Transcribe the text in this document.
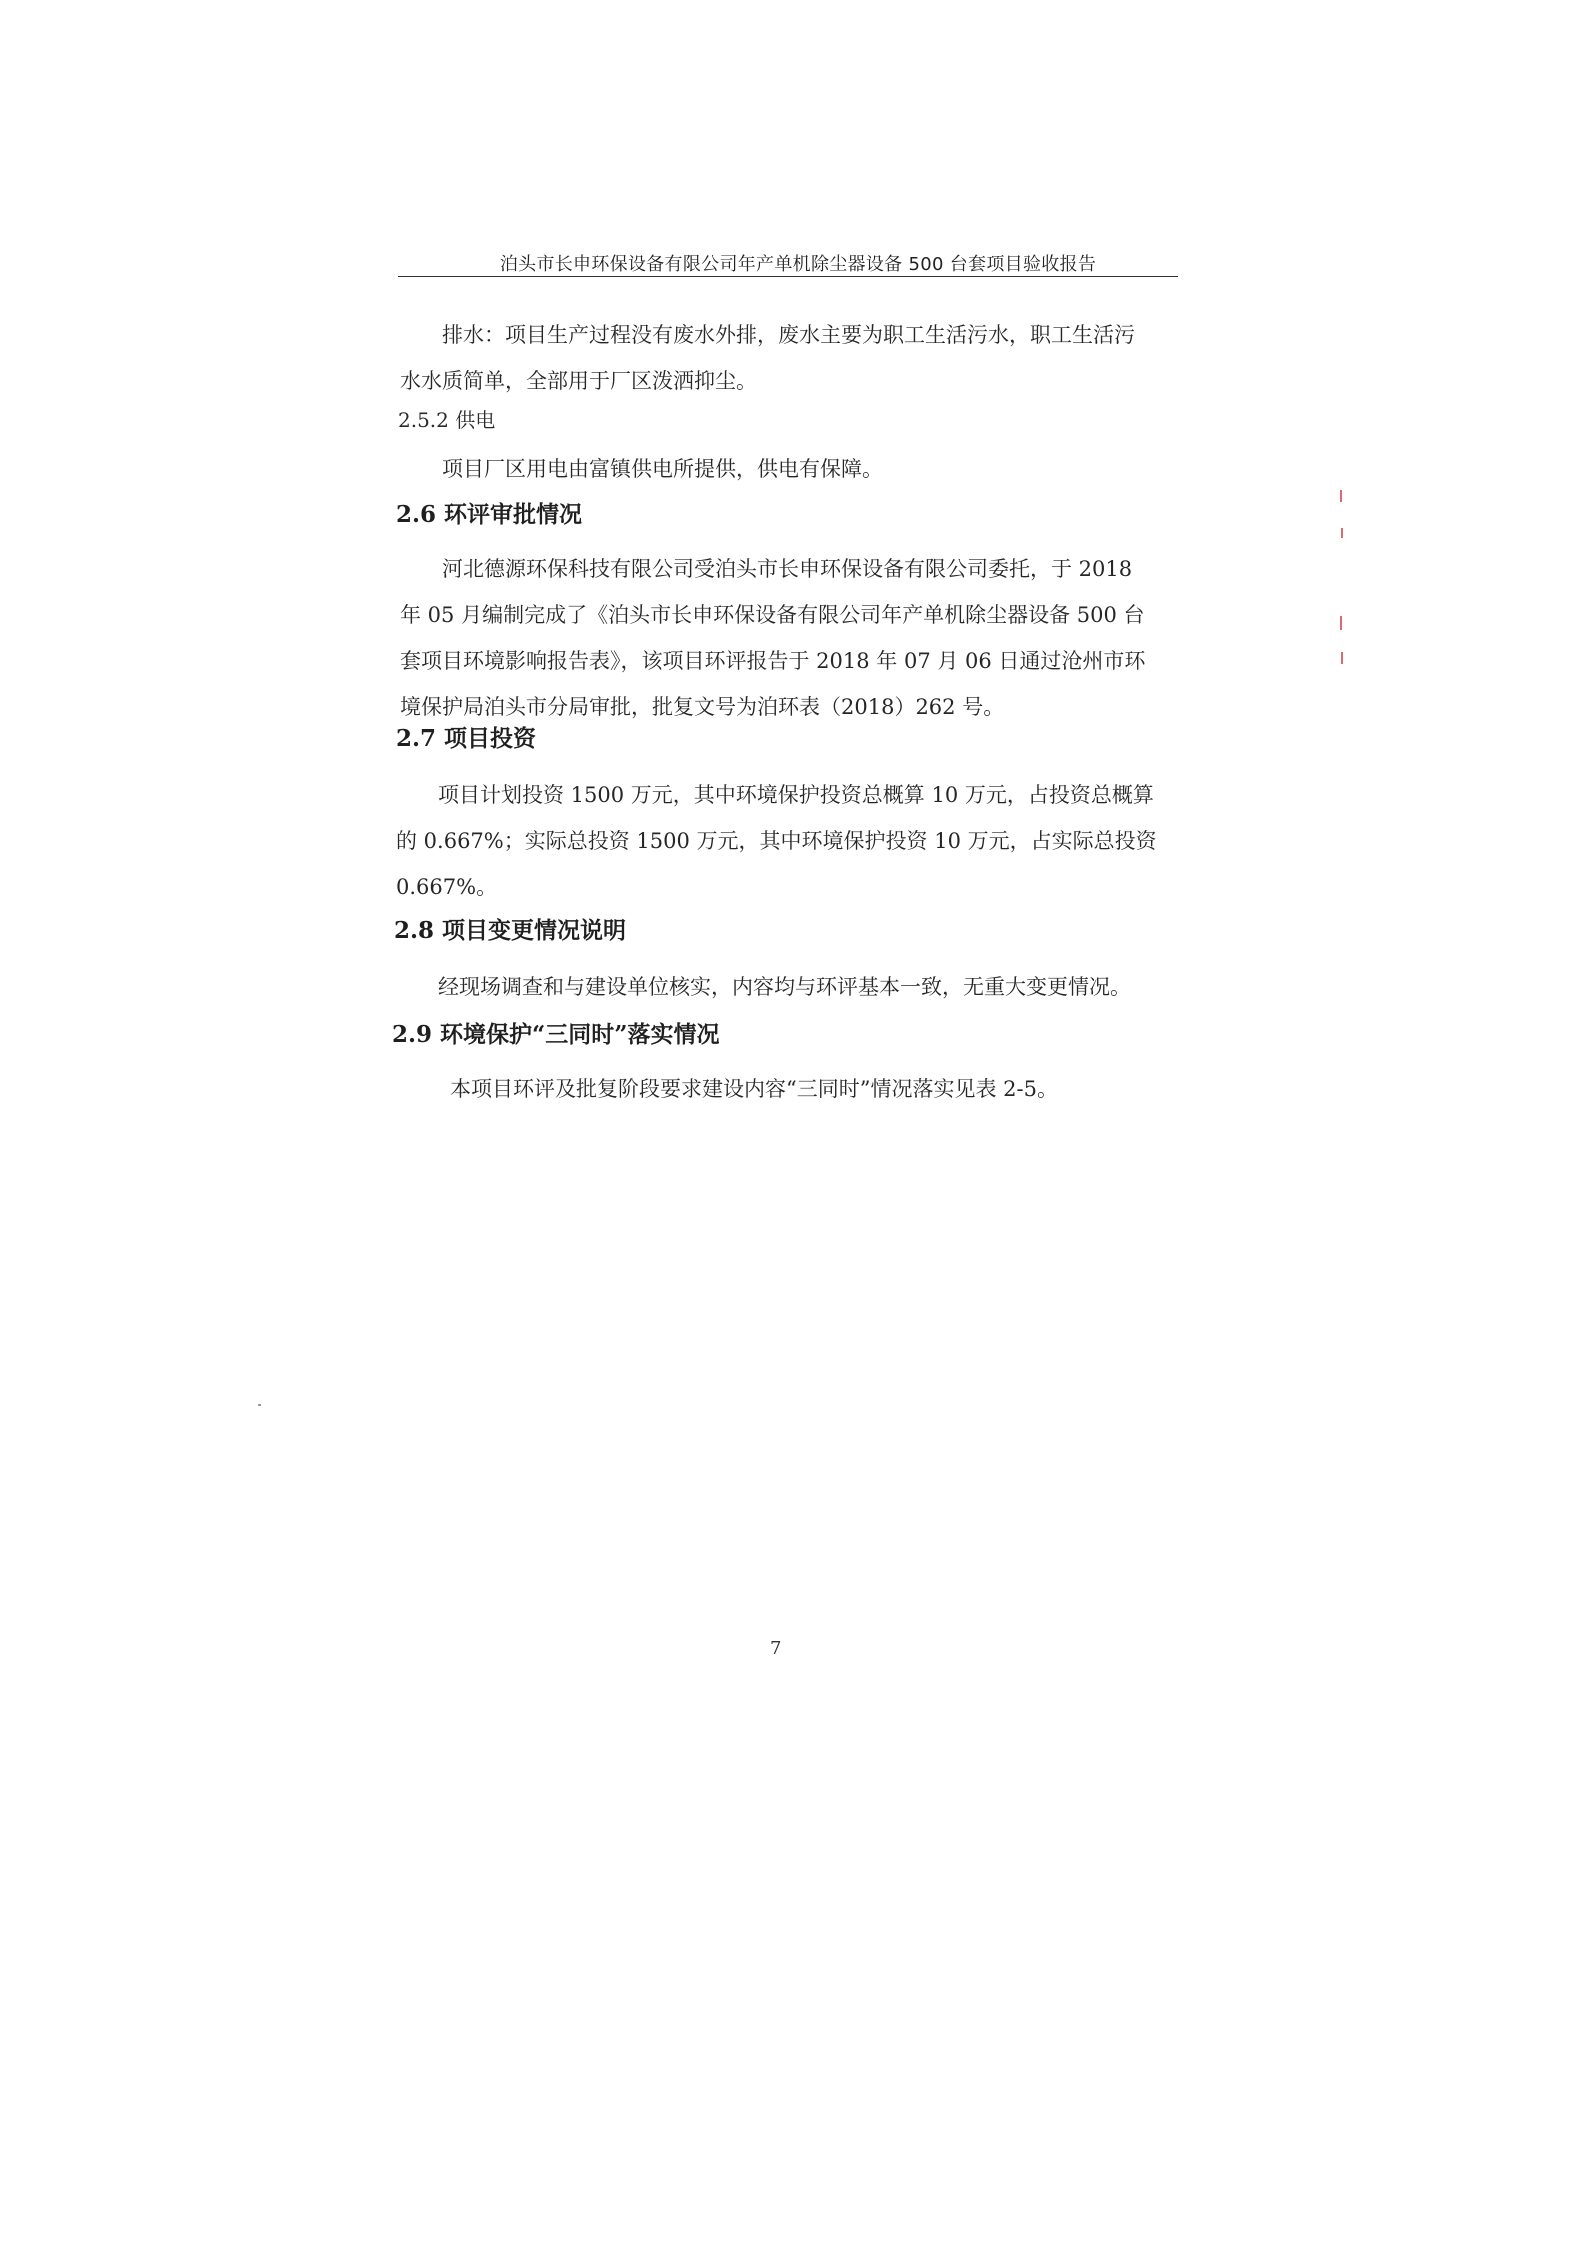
泊头市长申环保设备有限公司年产单机除尘器设备 500 台套项目验收报告
排水：项目生产过程没有废水外排，废水主要为职工生活污水，职工生活污
水水质简单，全部用于厂区泼洒抑尘。
2.5.2 供电
项目厂区用电由富镇供电所提供，供电有保障。
2.6 环评审批情况
河北德源环保科技有限公司受泊头市长申环保设备有限公司委托，于 2018
年 05 月编制完成了《泊头市长申环保设备有限公司年产单机除尘器设备 500 台
套项目环境影响报告表》，该项目环评报告于 2018 年 07 月 06 日通过沧州市环
境保护局泊头市分局审批，批复文号为泊环表（2018）262 号。
2.7 项目投资
项目计划投资 1500 万元，其中环境保护投资总概算 10 万元，占投资总概算
的 0.667%；实际总投资 1500 万元，其中环境保护投资 10 万元，占实际总投资
0.667%。
2.8 项目变更情况说明
经现场调查和与建设单位核实，内容均与环评基本一致，无重大变更情况。
2.9 环境保护“三同时”落实情况
本项目环评及批复阶段要求建设内容“三同时”情况落实见表 2-5。
7
